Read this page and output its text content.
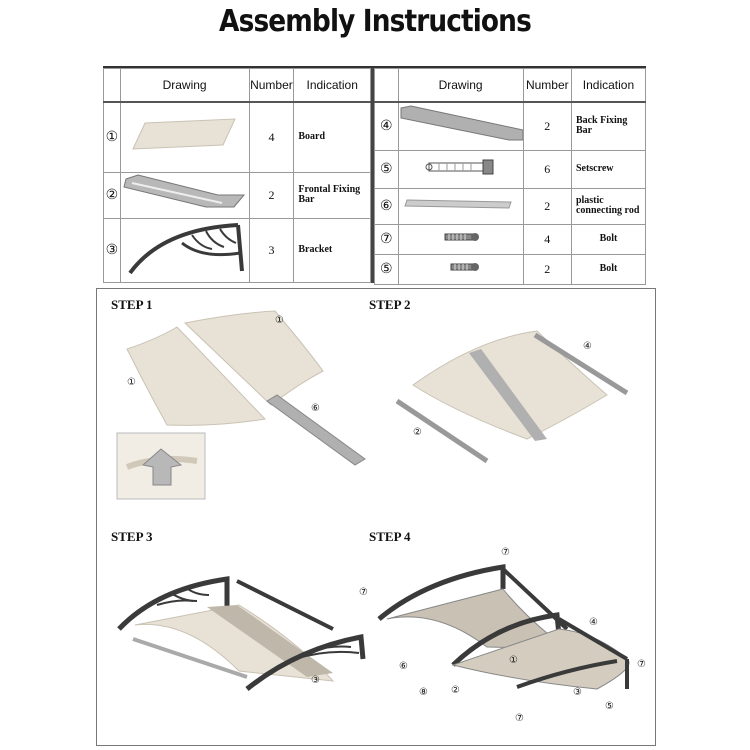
Assembly Instructions
	Drawing	Number	Indication
①		4	Board
②		2	Frontal Fixing Bar
③		3	Bracket
	Drawing	Number	Indication
④		2	Back Fixing Bar
⑤		6	Setscrew
⑥		2	plastic connecting rod
⑦		4	Bolt
⑤		2	Bolt
STEP 1
①
①
⑥
STEP 2
④
②
STEP 3
③
STEP 4
⑦
⑦
④
⑦
⑥
①
⑧ ②	③
⑤
⑦
